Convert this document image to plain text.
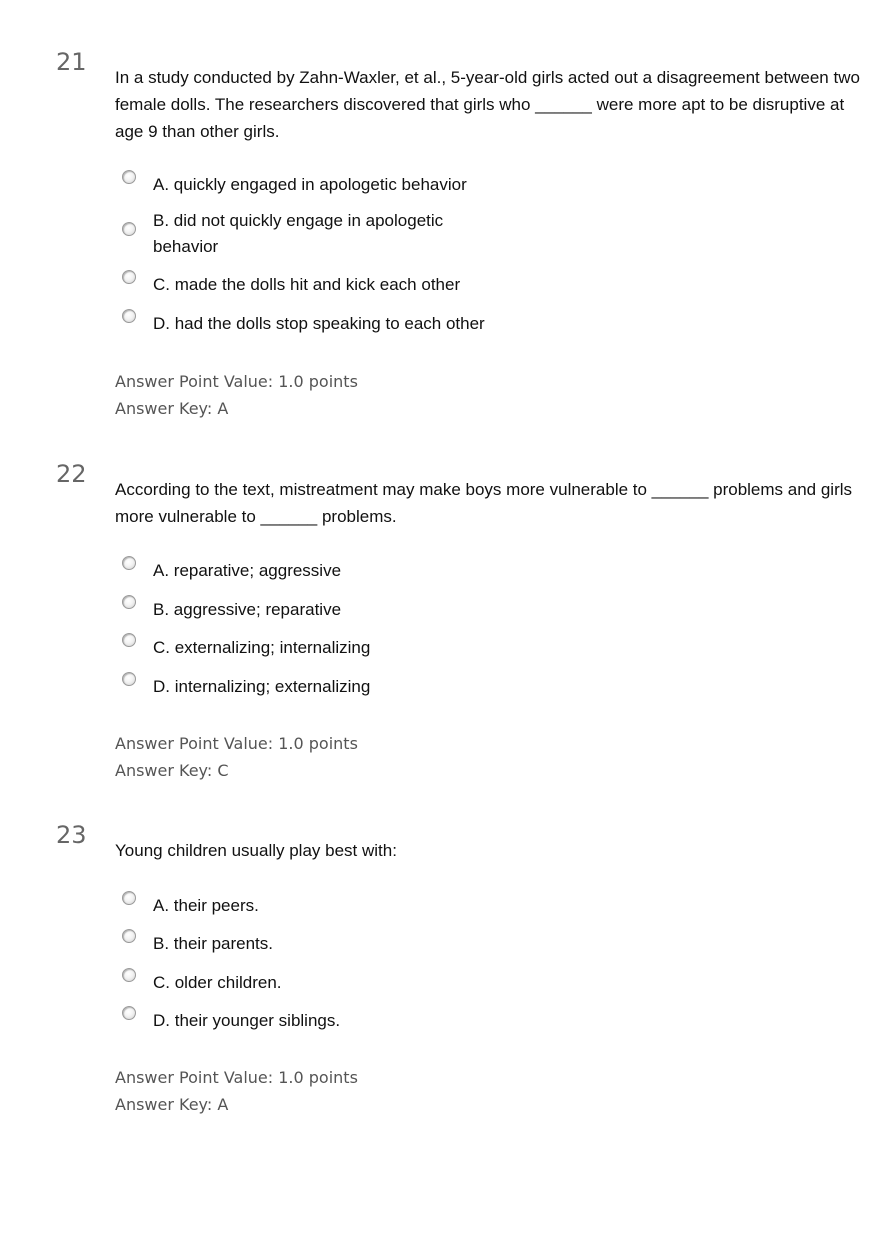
21
In a study conducted by Zahn-Waxler, et al., 5-year-old girls acted out a disagreement between two female dolls. The researchers discovered that girls who ______ were more apt to be disruptive at age 9 than other girls.
A. quickly engaged in apologetic behavior
B. did not quickly engage in apologetic behavior
C. made the dolls hit and kick each other
D. had the dolls stop speaking to each other
Answer Point Value: 1.0 points
Answer Key: A
22
According to the text, mistreatment may make boys more vulnerable to ______ problems and girls more vulnerable to ______ problems.
A. reparative; aggressive
B. aggressive; reparative
C. externalizing; internalizing
D. internalizing; externalizing
Answer Point Value: 1.0 points
Answer Key: C
23
Young children usually play best with:
A. their peers.
B. their parents.
C. older children.
D. their younger siblings.
Answer Point Value: 1.0 points
Answer Key: A
